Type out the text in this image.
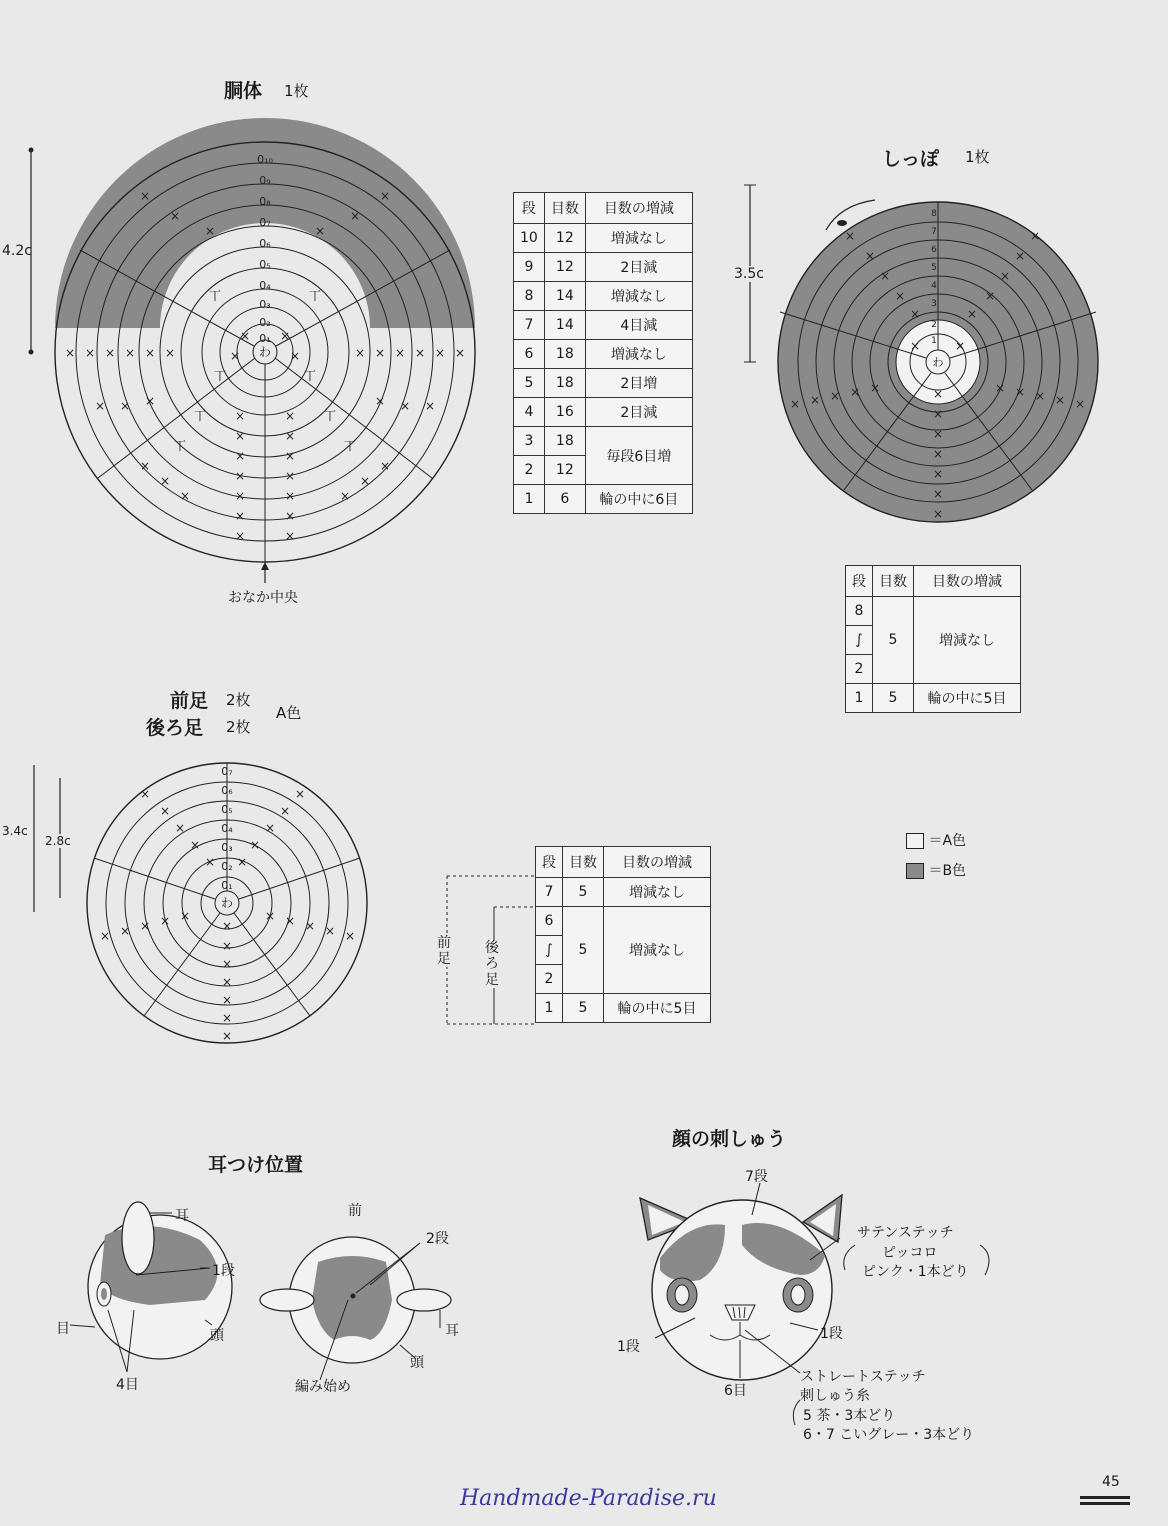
胴体 1枚
おなか中央
4.2c
0₁₀
0₉
0₈
0₇
0₆
0₅
0₄
0₃
0₂
0₁
わ
× × × × × ×	× × × × × ×
× × ×	× × ×
×
×
×	×
×
×
×
×
×
×
×
×
×
×
×
×
×
×
×
×
×	×
×	×
×	×
× ×
×	×
丅	丅
丅	丅
丅	丅
丅	丅
8
7
6
5
4
3
2
1
わ
×
×
×
×
×
×
×
× × × × ×	× × × × ×
×
×
×
×
×
×
×
×
×
×
×
×
0₇
0₆
0₅
0₄
0₃
0₂
0₁
わ
×
×
×
×
×
×
×
× × × × ×	× × × × ×
×
×
×
×
×
×
×
×
×
×
段	目数	目数の増減
10	12	増減なし
9	12	2目減
8	14	増減なし
7	14	4目減
6	18	増減なし
5	18	2目増
4	16	2目減
3	18	毎段6目増
2	12	
1	6	輪の中に6目
しっぽ 1枚
3.5c
段	目数	目数の増減
8	5	増減なし
∫		
2		
1	5	輪の中に5目
前足 2枚
A色
後ろ足 2枚
3.4c
2.8c
段	目数	目数の増減
7	5	増減なし
6	5	増減なし
∫		
2		
1	5	輪の中に5目
前足
後ろ足
＝A色
＝B色
耳つけ位置
耳
1段
目	頭
4目
前
2段
耳
頭
編み始め
顔の刺しゅう
7段
サテンステッチ
ピッコロ
ピンク・1本どり
1段
1段
6目
ストレートステッチ
刺しゅう糸
5 茶・3本どり
6・7 こいグレー・3本どり
45
Handmade-Paradise.ru
